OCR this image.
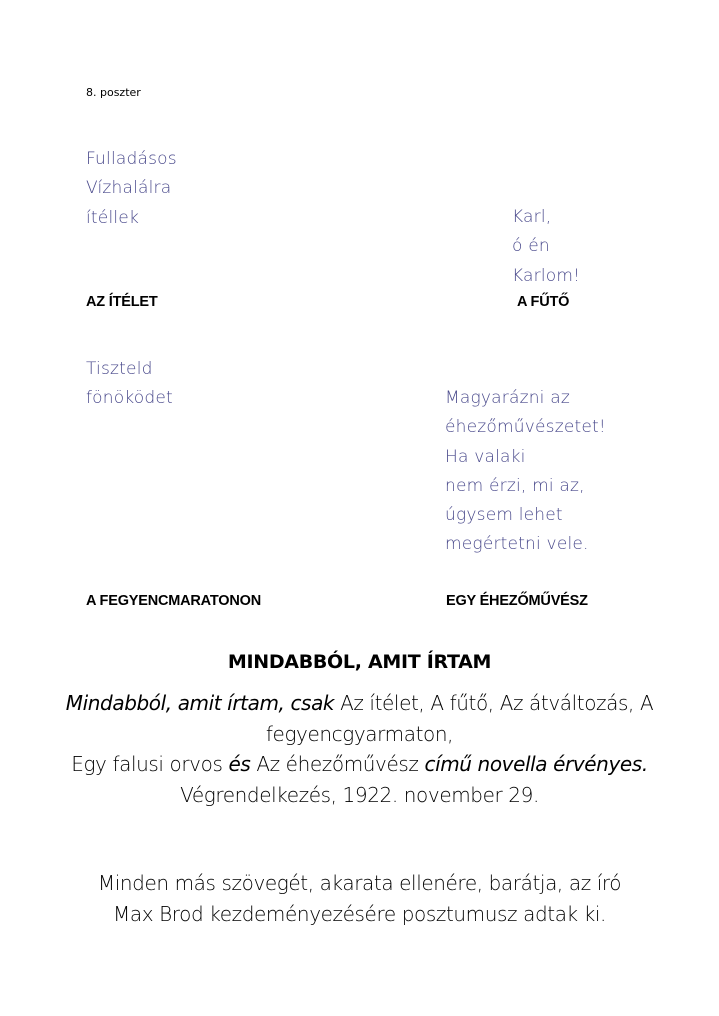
8. poszter
Fulladásos
Vízhalálra
ítéllek	Karl,
ó én
Karlom!
AZ ÍTÉLET	A FŰTŐ
Tiszteld
fönöködet	Magyarázni az
éhezőművészetet!
Ha valaki
nem érzi, mi az,
úgysem lehet
megértetni vele.
A FEGYENCMARATONON	EGY ÉHEZŐMŰVÉSZ
MINDABBÓL, AMIT ÍRTAM
Mindabból, amit írtam, csak Az ítélet, A fűtő, Az átváltozás, A fegyencgyarmaton,
Egy falusi orvos és Az éhezőművész című novella érvényes.
Végrendelkezés, 1922. november 29.
Minden más szövegét, akarata ellenére, barátja, az író Max Brod kezdeményezésére posztumusz adtak ki.
